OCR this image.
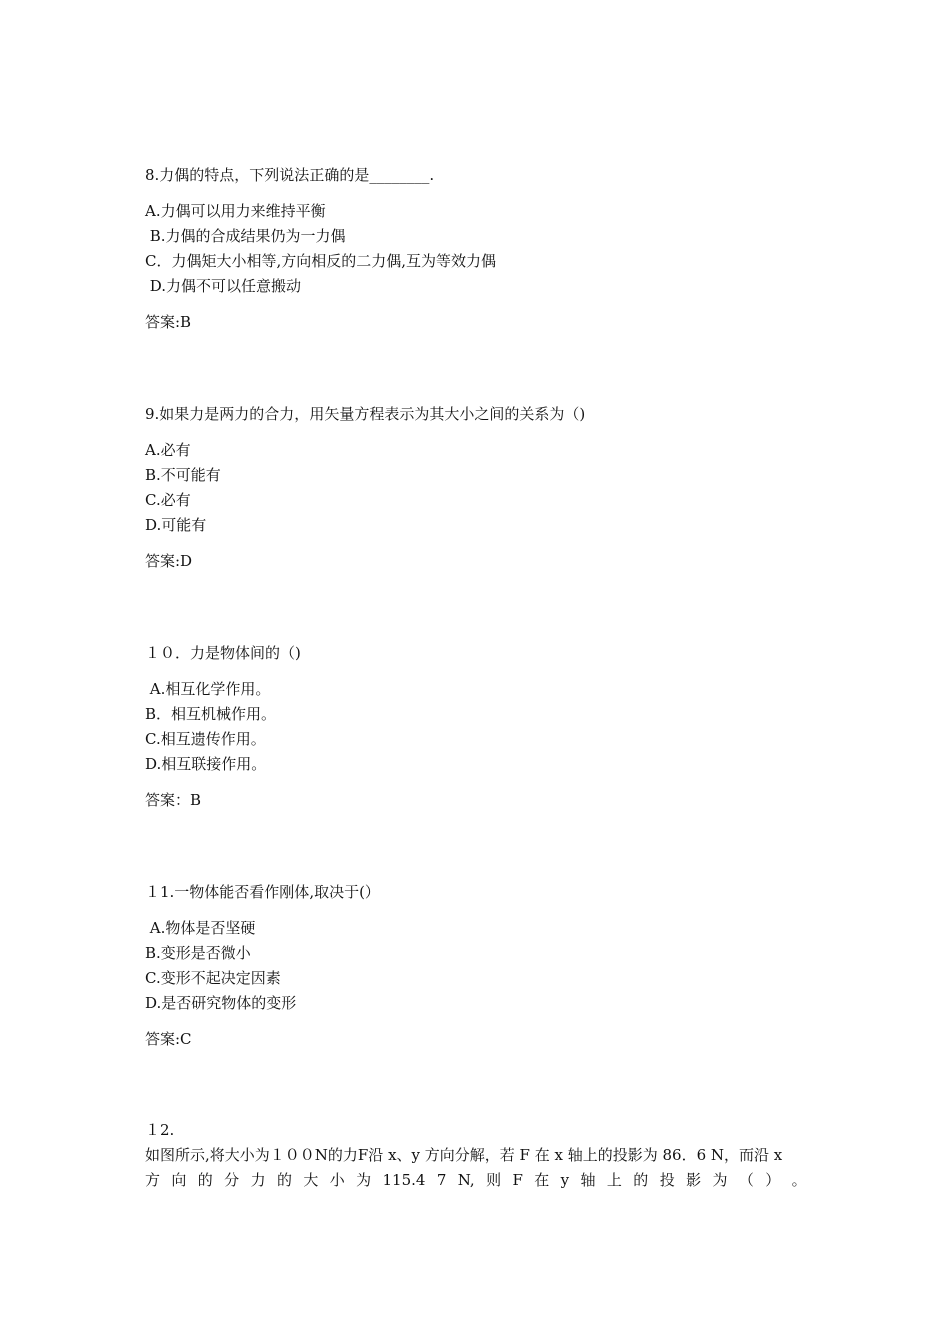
8.力偶的特点，下列说法正确的是________.
A.力偶可以用力来维持平衡
B.力偶的合成结果仍为一力偶
C．力偶矩大小相等,方向相反的二力偶,互为等效力偶
D.力偶不可以任意搬动
答案:B
9.如果力是两力的合力，用矢量方程表示为其大小之间的关系为（)
A.必有
B.不可能有
C.必有
D.可能有
答案:D
１０．力是物体间的（)
A.相互化学作用。
B．相互机械作用。
C.相互遗传作用。
D.相互联接作用。
答案：B
１1.一物体能否看作刚体,取决于(）
A.物体是否坚硬
B.变形是否微小
C.变形不起决定因素
D.是否研究物体的变形
答案:C
１2.
如图所示,将大小为１００N的力F沿 x、y 方向分解，若 F 在 x 轴上的投影为 86．6 N，而沿 x
方 向 的 分 力 的 大 小 为 115.4 7 N, 则 F 在 y 轴 上 的 投 影 为 （ ） 。
